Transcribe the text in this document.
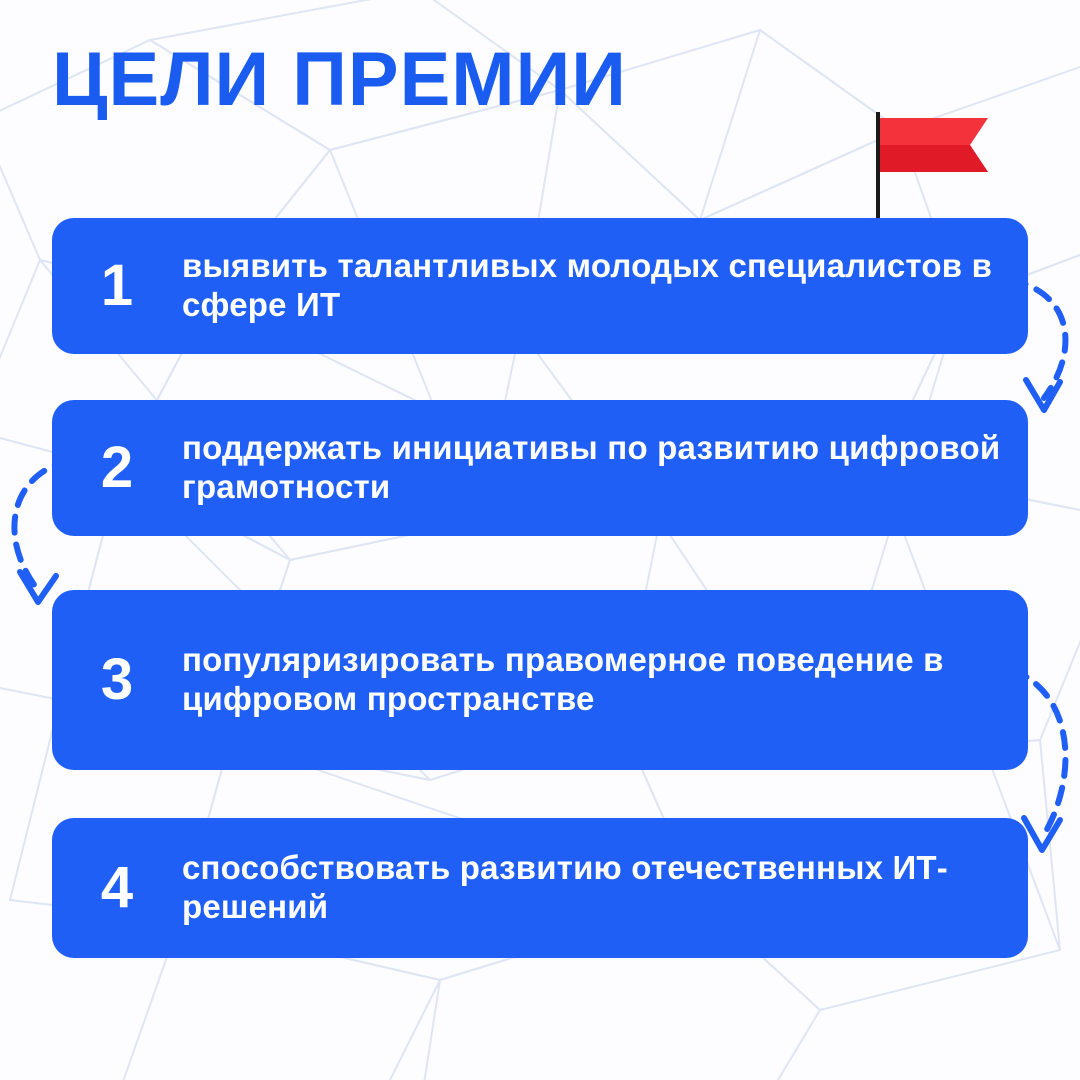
ЦЕЛИ ПРЕМИИ
1	выявить талантливых молодых специалистов в сфере ИТ
2	поддержать инициативы по развитию цифровой грамотности
3	популяризировать правомерное поведение в цифровом пространстве
4	способствовать развитию отечественных ИТ-решений
